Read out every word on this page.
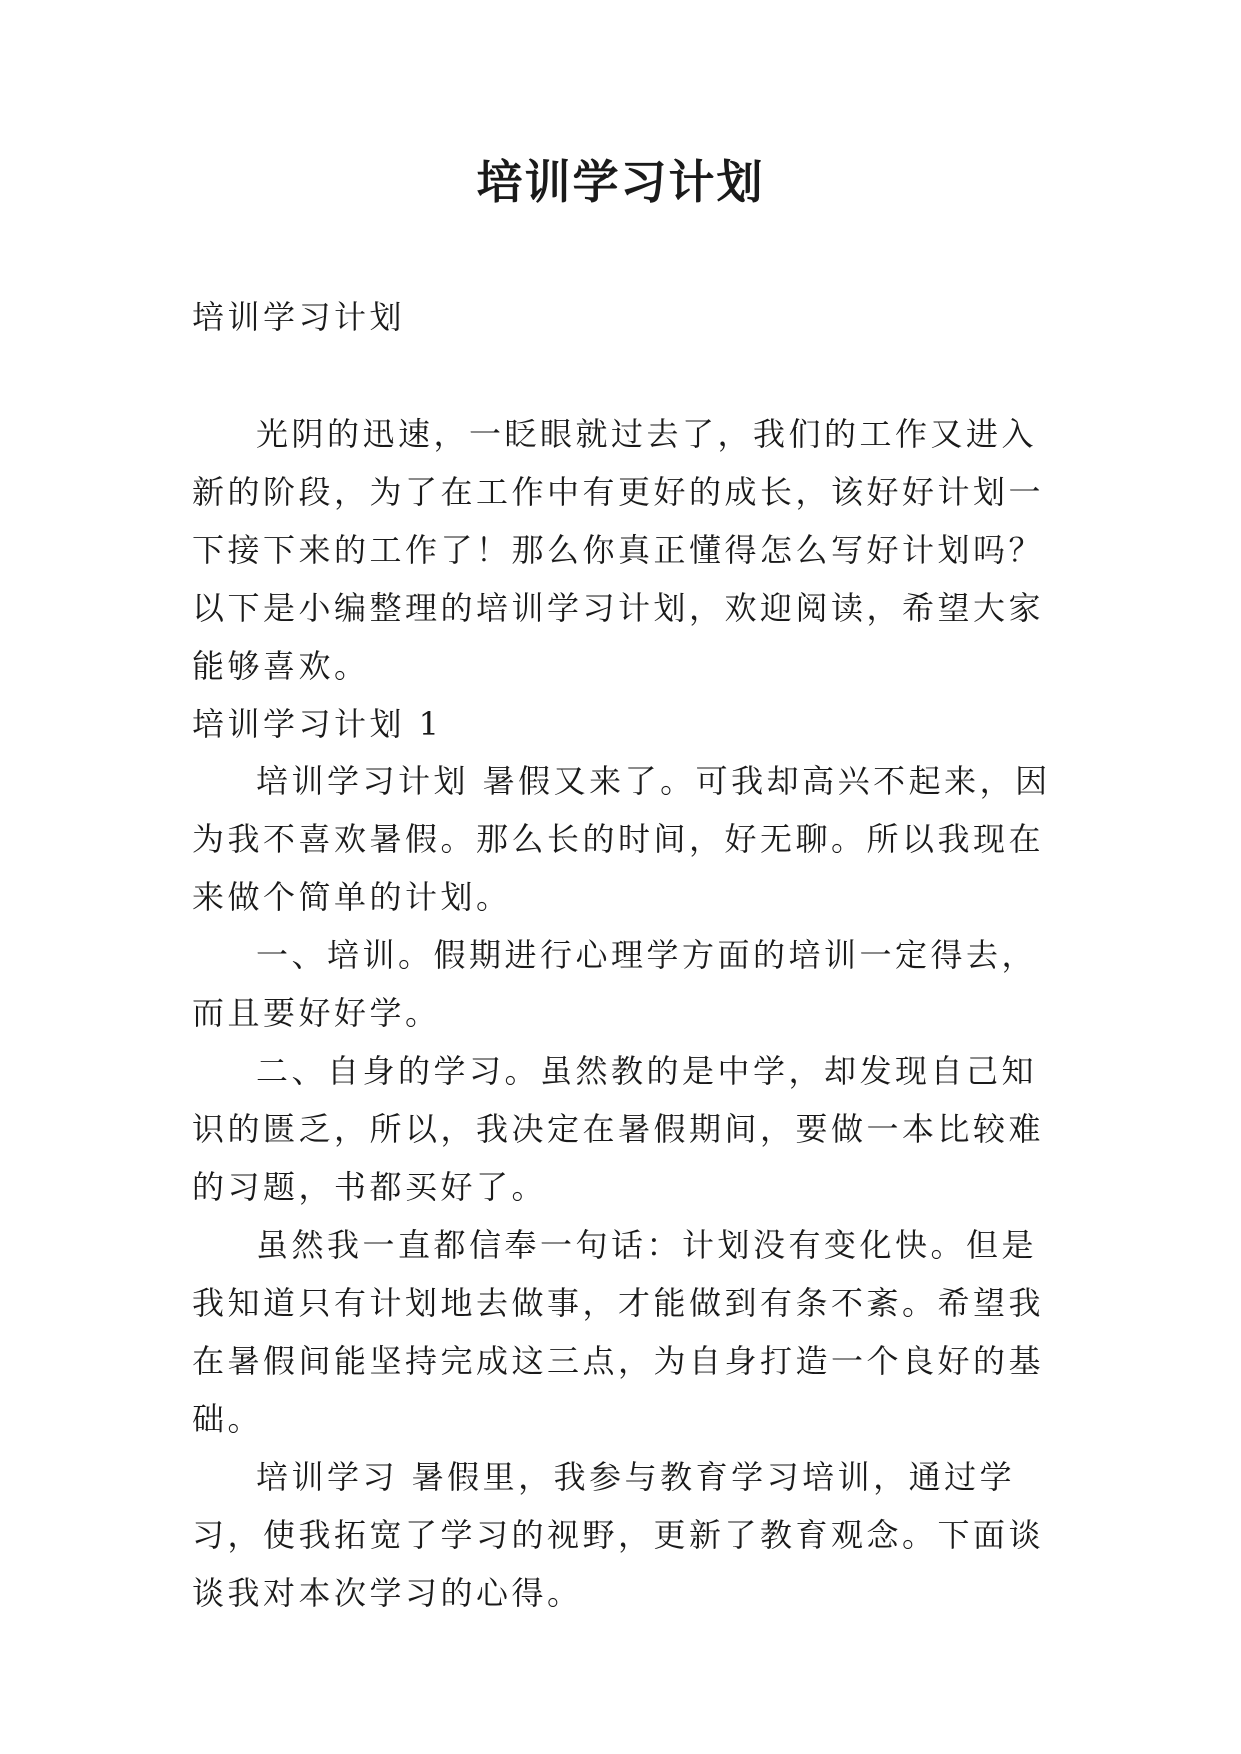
培训学习计划

培训学习计划

光阴的迅速，一眨眼就过去了，我们的工作又进入新的阶段，为了在工作中有更好的成长，该好好计划一下接下来的工作了！那么你真正懂得怎么写好计划吗？以下是小编整理的培训学习计划，欢迎阅读，希望大家能够喜欢。

培训学习计划 1

培训学习计划 暑假又来了。可我却高兴不起来，因为我不喜欢暑假。那么长的时间，好无聊。所以我现在来做个简单的计划。

一、培训。假期进行心理学方面的培训一定得去，而且要好好学。

二、自身的学习。虽然教的是中学，却发现自己知识的匮乏，所以，我决定在暑假期间，要做一本比较难的习题，书都买好了。

虽然我一直都信奉一句话：计划没有变化快。但是我知道只有计划地去做事，才能做到有条不紊。希望我在暑假间能坚持完成这三点，为自身打造一个良好的基础。

培训学习 暑假里，我参与教育学习培训，通过学习，使我拓宽了学习的视野，更新了教育观念。下面谈谈我对本次学习的心得。
